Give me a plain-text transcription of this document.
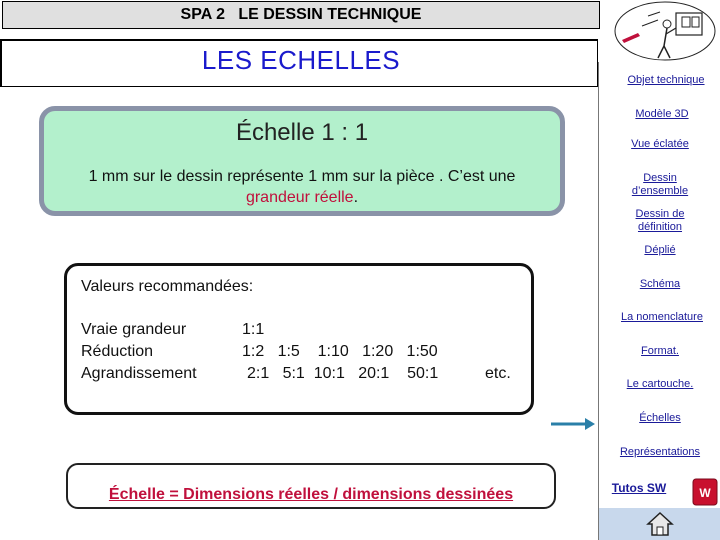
SPA 2   LE DESSIN TECHNIQUE
LES ECHELLES
Échelle 1 : 1
1 mm sur le dessin représente 1 mm sur la pièce . C’est une
grandeur réelle.
Valeurs recommandées:
Vraie grandeur	1:1
Réduction	1:2   1:5    1:10   1:20   1:50
Agrandissement	2:1   5:1  10:1   20:1    50:1	etc.
Échelle = Dimensions réelles / dimensions dessinées
Objet technique
Modèle 3D
Vue éclatée
Dessin d’ensemble
Dessin de définition
Déplié
Schéma
La nomenclature
Format.
Le cartouche.
Échelles
Représentations
Tutos SW	W
